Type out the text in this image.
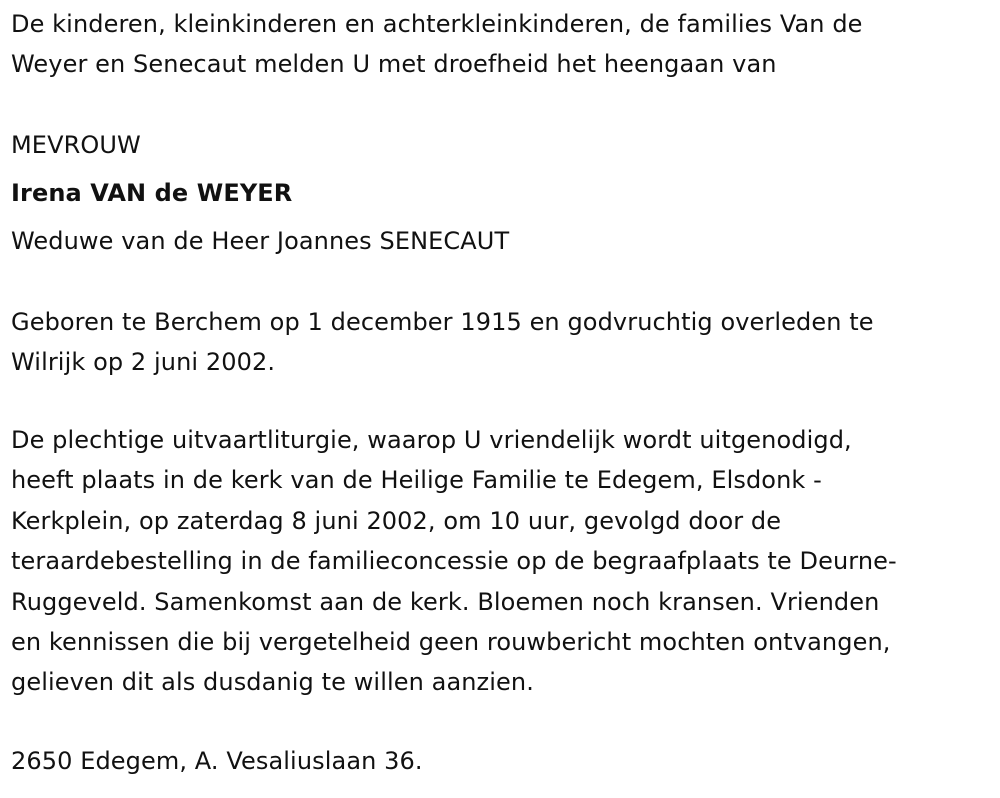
De kinderen, kleinkinderen en achterkleinkinderen, de families Van de
Weyer en Senecaut melden U met droefheid het heengaan van
MEVROUW
Irena VAN de WEYER
Weduwe van de Heer Joannes SENECAUT
Geboren te Berchem op 1 december 1915 en godvruchtig overleden te
Wilrijk op 2 juni 2002.
De plechtige uitvaartliturgie, waarop U vriendelijk wordt uitgenodigd,
heeft plaats in de kerk van de Heilige Familie te Edegem, Elsdonk -
Kerkplein, op zaterdag 8 juni 2002, om 10 uur, gevolgd door de
teraardebestelling in de familieconcessie op de begraafplaats te Deurne-
Ruggeveld. Samenkomst aan de kerk. Bloemen noch kransen. Vrienden
en kennissen die bij vergetelheid geen rouwbericht mochten ontvangen,
gelieven dit als dusdanig te willen aanzien.
2650 Edegem, A. Vesaliuslaan 36.
